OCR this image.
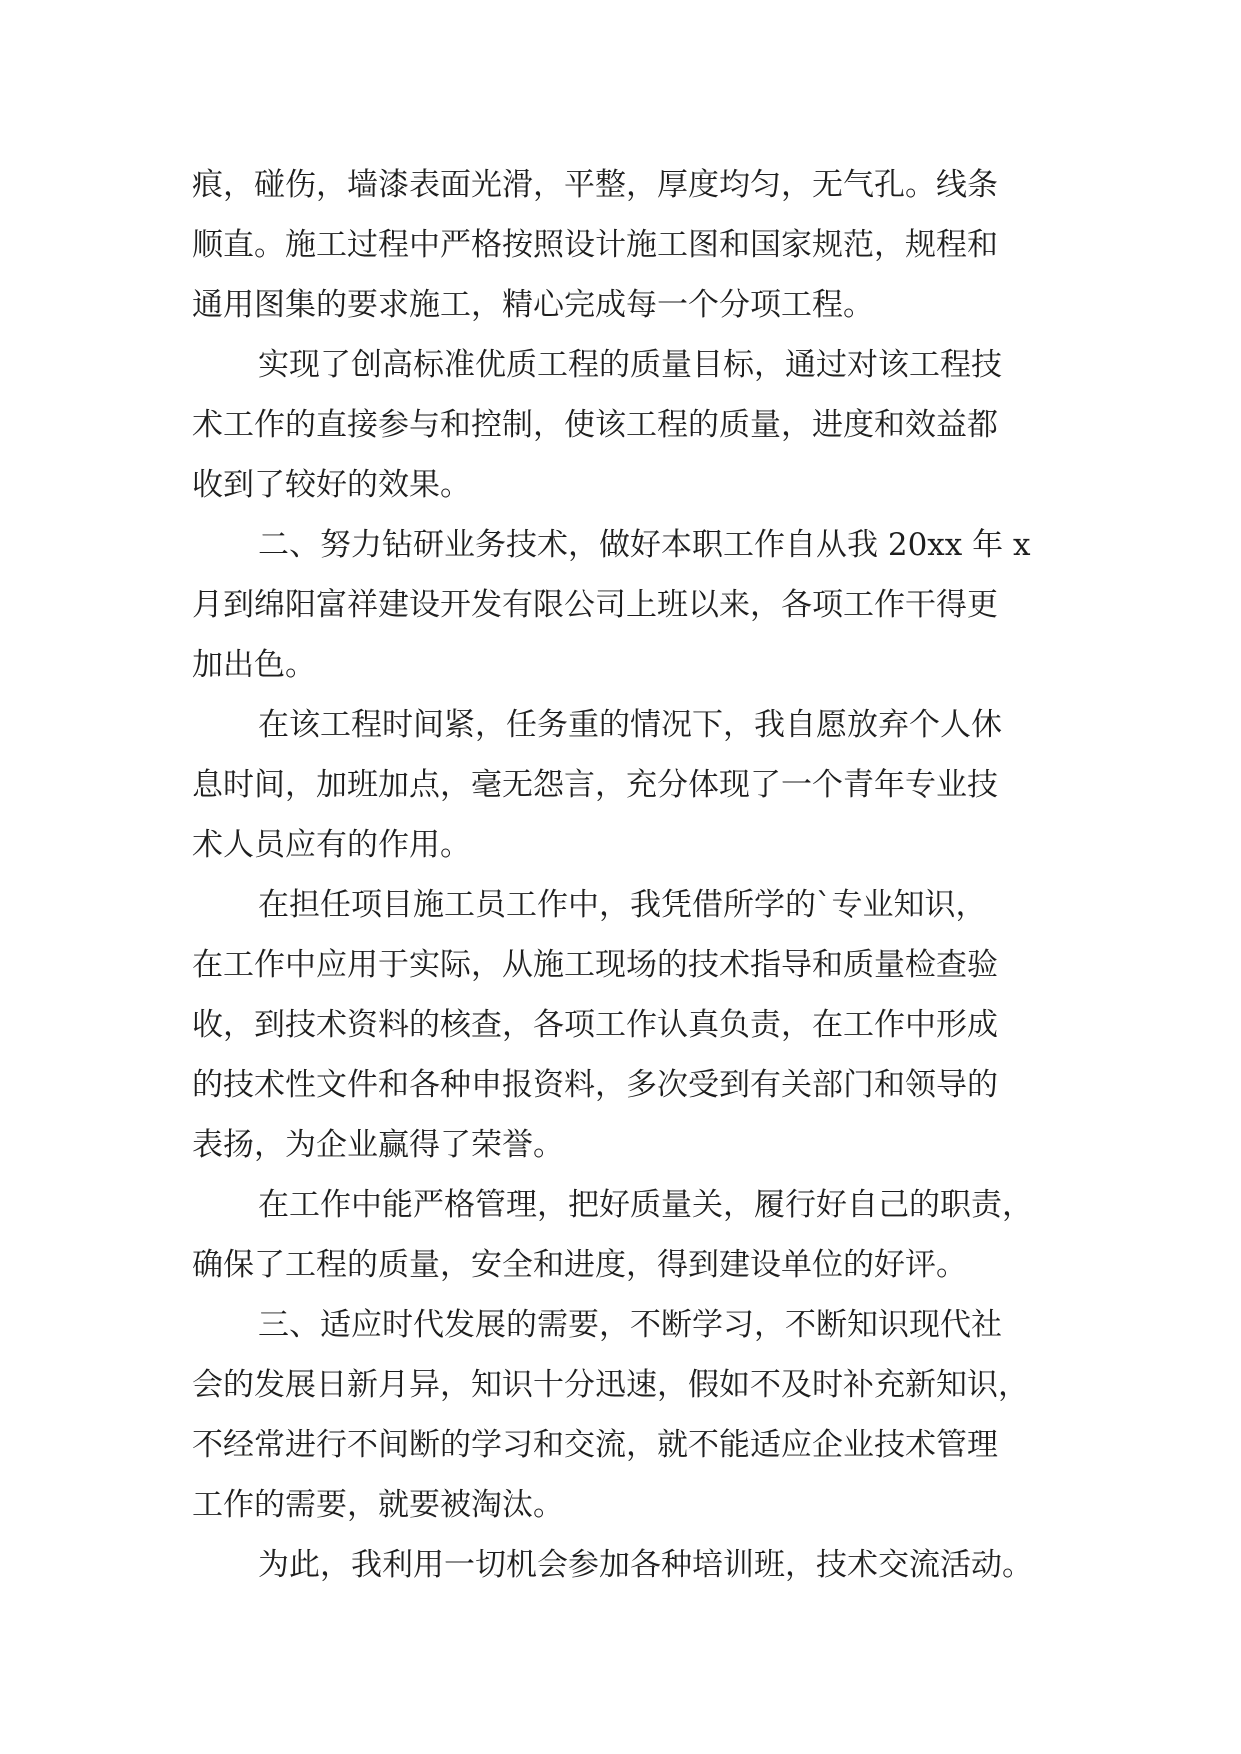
痕，碰伤，墙漆表面光滑，平整，厚度均匀，无气孔。线条
顺直。施工过程中严格按照设计施工图和国家规范，规程和
通用图集的要求施工，精心完成每一个分项工程。
实现了创高标准优质工程的质量目标，通过对该工程技
术工作的直接参与和控制，使该工程的质量，进度和效益都
收到了较好的效果。
二、努力钻研业务技术，做好本职工作自从我 20xx 年 x
月到绵阳富祥建设开发有限公司上班以来，各项工作干得更
加出色。
在该工程时间紧，任务重的情况下，我自愿放弃个人休
息时间，加班加点，毫无怨言，充分体现了一个青年专业技
术人员应有的作用。
在担任项目施工员工作中，我凭借所学的`专业知识，
在工作中应用于实际，从施工现场的技术指导和质量检查验
收，到技术资料的核查，各项工作认真负责，在工作中形成
的技术性文件和各种申报资料，多次受到有关部门和领导的
表扬，为企业赢得了荣誉。
在工作中能严格管理，把好质量关，履行好自己的职责，
确保了工程的质量，安全和进度，得到建设单位的好评。
三、适应时代发展的需要，不断学习，不断知识现代社
会的发展日新月异，知识十分迅速，假如不及时补充新知识，
不经常进行不间断的学习和交流，就不能适应企业技术管理
工作的需要，就要被淘汰。
为此，我利用一切机会参加各种培训班，技术交流活动。
